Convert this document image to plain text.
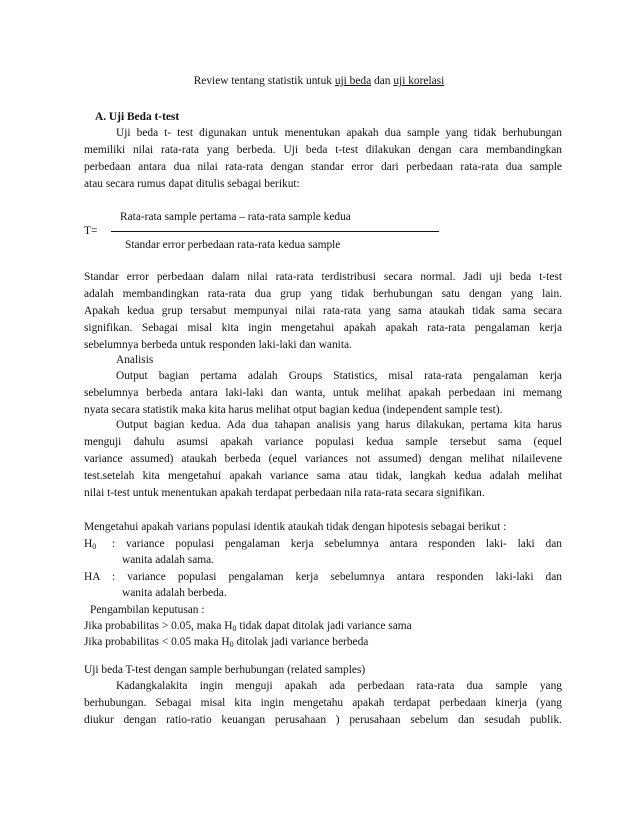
Review tentang statistik untuk uji beda dan uji korelasi
A. Uji Beda t-test
Uji beda t- test digunakan untuk menentukan apakah dua sample yang tidak berhubungan
memiliki nilai rata-rata yang berbeda. Uji beda t-test dilakukan dengan cara membandingkan
perbedaan antara dua nilai rata-rata dengan standar error dari perbedaan rata-rata dua sample
atau secara rumus dapat ditulis sebagai berikut:
Rata-rata sample pertama – rata-rata sample kedua
T=
Standar error perbedaan rata-rata kedua sample
Standar error perbedaan dalam nilai rata-rata terdistribusi secara normal. Jadi uji beda t-test
adalah membandingkan rata-rata dua grup yang tidak berhubungan satu dengan yang lain.
Apakah kedua grup tersabut mempunyai nilai rata-rata yang sama ataukah tidak sama secara
signifikan. Sebagai misal kita ingin mengetahui apakah apakah rata-rata pengalaman kerja
sebelumnya berbeda untuk responden laki-laki dan wanita.
Analisis
Output bagian pertama adalah Groups Statistics, misal rata-rata pengalaman kerja
sebelumnya berbeda antara laki-laki dan wanta, untuk melihat apakah perbedaan ini memang
nyata secara statistik maka kita harus melihat otput bagian kedua (independent sample test).
Output bagian kedua. Ada dua tahapan analisis yang harus dilakukan, pertama kita harus
menguji dahulu asumsi apakah variance populasi kedua sample tersebut sama (equel
variance assumed) ataukah berbeda (equel variances not assumed) dengan melihat nilailevene
test.setelah kita mengetahui apakah variance sama atau tidak, langkah kedua adalah melihat
nilai t-test untuk menentukan apakah terdapat perbedaan nila rata-rata secara signifikan.
Mengetahui apakah varians populasi identik ataukah tidak dengan hipotesis sebagai berikut :
$H_0$ : variance populasi pengalaman kerja sebelumnya antara responden laki- laki dan
wanita adalah sama.
HA : variance populasi pengalaman kerja sebelumnya antara responden laki-laki dan
wanita adalah berbeda.
Pengambilan keputusan :
Jika probabilitas > 0.05, maka $H_0$ tidak dapat ditolak jadi variance sama
Jika probabilitas < 0.05 maka $H_0$ ditolak jadi variance berbeda
Uji beda T-test dengan sample berhubungan (related samples)
Kadangkalakita ingin menguji apakah ada perbedaan rata-rata dua sample yang
berhubungan. Sebagai misal kita ingin mengetahu apakah terdapat perbedaan kinerja (yang
diukur dengan ratio-ratio keuangan perusahaan ) perusahaan sebelum dan sesudah publik.
